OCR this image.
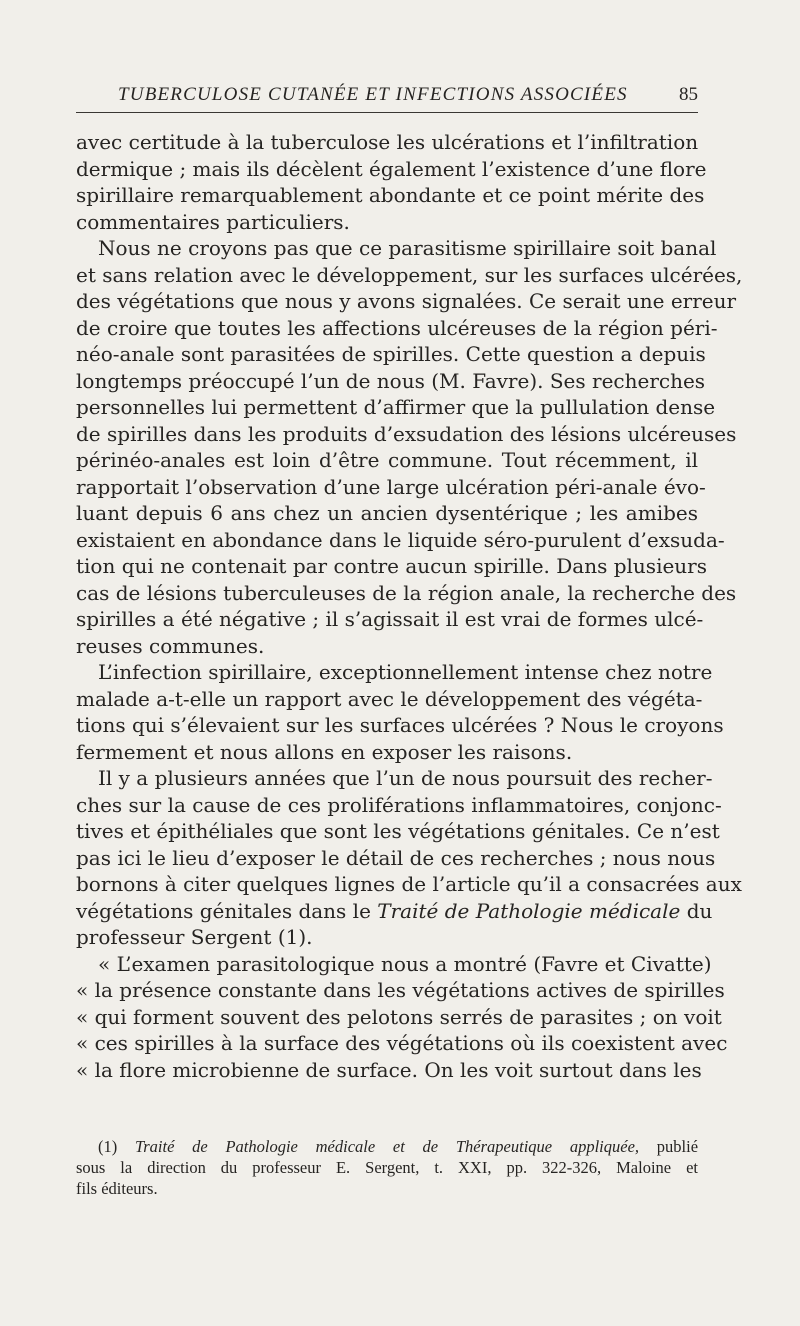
TUBERCULOSE CUTANÉE ET INFECTIONS ASSOCIÉES	85
avec certitude à la tuberculose les ulcérations et l’infiltration
dermique ; mais ils décèlent également l’existence d’une flore
spirillaire remarquablement abondante et ce point mérite des
commentaires particuliers.
Nous ne croyons pas que ce parasitisme spirillaire soit banal
et sans relation avec le développement, sur les surfaces ulcérées,
des végétations que nous y avons signalées. Ce serait une erreur
de croire que toutes les affections ulcéreuses de la région péri-
néo-anale sont parasitées de spirilles. Cette question a depuis
longtemps préoccupé l’un de nous (M. Favre). Ses recherches
personnelles lui permettent d’affirmer que la pullulation dense
de spirilles dans les produits d’exsudation des lésions ulcéreuses
périnéo-anales est loin d’être commune. Tout récemment, il
rapportait l’observation d’une large ulcération péri-anale évo-
luant depuis 6 ans chez un ancien dysentérique ; les amibes
existaient en abondance dans le liquide séro-purulent d’exsuda-
tion qui ne contenait par contre aucun spirille. Dans plusieurs
cas de lésions tuberculeuses de la région anale, la recherche des
spirilles a été négative ; il s’agissait il est vrai de formes ulcé-
reuses communes.
L’infection spirillaire, exceptionnellement intense chez notre
malade a-t-elle un rapport avec le développement des végéta-
tions qui s’élevaient sur les surfaces ulcérées ? Nous le croyons
fermement et nous allons en exposer les raisons.
Il y a plusieurs années que l’un de nous poursuit des recher-
ches sur la cause de ces proliférations inflammatoires, conjonc-
tives et épithéliales que sont les végétations génitales. Ce n’est
pas ici le lieu d’exposer le détail de ces recherches ; nous nous
bornons à citer quelques lignes de l’article qu’il a consacrées aux
végétations génitales dans le Traité de Pathologie médicale du
professeur Sergent (1).
« L’examen parasitologique nous a montré (Favre et Civatte)
« la présence constante dans les végétations actives de spirilles
« qui forment souvent des pelotons serrés de parasites ; on voit
« ces spirilles à la surface des végétations où ils coexistent avec
« la flore microbienne de surface. On les voit surtout dans les
(1) Traité de Pathologie médicale et de Thérapeutique appliquée, publié
sous la direction du professeur E. Sergent, t. XXI, pp. 322-326, Maloine et
fils éditeurs.
